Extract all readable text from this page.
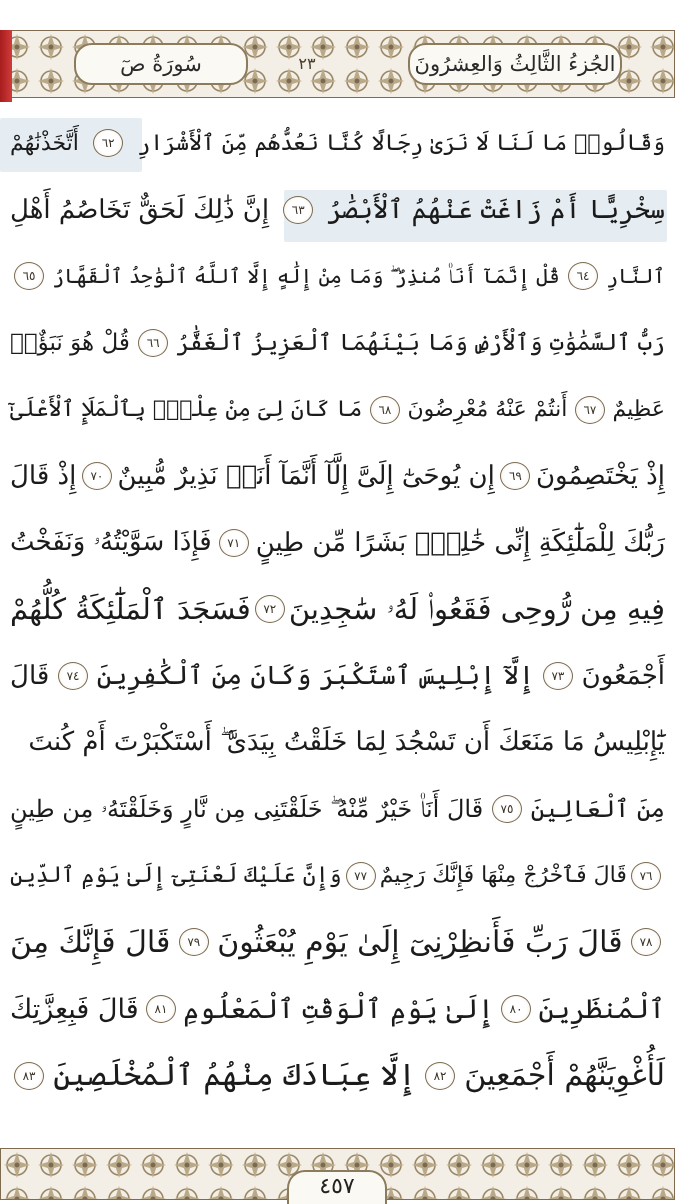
الجُزءُ الثَّالِثُ وَالعِشرُونَ
٢٣
سُورَةُ صٓ
وَقَالُوا۟ مَا لَنَا لَا نَرَىٰ رِجَالًا كُنَّا نَعُدُّهُم مِّنَ ٱلْأَشْرَارِ
٦٢
أَتَّخَذْنَٰهُمْ
سِخْرِيًّا أَمْ زَاغَتْ عَنْهُمُ ٱلْأَبْصَٰرُ
٦٣
إِنَّ ذَٰلِكَ لَحَقٌّ تَخَاصُمُ أَهْلِ
ٱلنَّارِ
٦٤
قُلْ إِنَّمَآ أَنَا۠ مُنذِرٌ ۖ وَمَا مِنْ إِلَٰهٍ إِلَّا ٱللَّهُ ٱلْوَٰحِدُ ٱلْقَهَّارُ
٦٥
رَبُّ ٱلسَّمَٰوَٰتِ وَٱلْأَرْضِ وَمَا بَيْنَهُمَا ٱلْعَزِيزُ ٱلْغَفَّٰرُ
٦٦
قُلْ هُوَ نَبَؤٌا۟
عَظِيمٌ
٦٧
أَنتُمْ عَنْهُ مُعْرِضُونَ
٦٨
مَا كَانَ لِىَ مِنْ عِلْمٍۭ بِٱلْمَلَإِ ٱلْأَعْلَىٰٓ
إِذْ يَخْتَصِمُونَ
٦٩
إِن يُوحَىٰٓ إِلَىَّ إِلَّآ أَنَّمَآ أَنَا۠ نَذِيرٌ مُّبِينٌ
٧٠
إِذْ قَالَ
رَبُّكَ لِلْمَلَٰٓئِكَةِ إِنِّى خَٰلِقٌۢ بَشَرًا مِّن طِينٍ
٧١
فَإِذَا سَوَّيْتُهُۥ وَنَفَخْتُ
فِيهِ مِن رُّوحِى فَقَعُوا۟ لَهُۥ سَٰجِدِينَ
٧٢
فَسَجَدَ ٱلْمَلَٰٓئِكَةُ كُلُّهُمْ
أَجْمَعُونَ
٧٣
إِلَّآ إِبْلِيسَ ٱسْتَكْبَرَ وَكَانَ مِنَ ٱلْكَٰفِرِينَ
٧٤
قَالَ
يَٰٓإِبْلِيسُ مَا مَنَعَكَ أَن تَسْجُدَ لِمَا خَلَقْتُ بِيَدَىَّ ۖ أَسْتَكْبَرْتَ أَمْ كُنتَ
مِنَ ٱلْعَالِينَ
٧٥
قَالَ أَنَا۠ خَيْرٌ مِّنْهُ ۖ خَلَقْتَنِى مِن نَّارٍ وَخَلَقْتَهُۥ مِن طِينٍ
٧٦
قَالَ فَٱخْرُجْ مِنْهَا فَإِنَّكَ رَجِيمٌ
٧٧
وَإِنَّ عَلَيْكَ لَعْنَتِىٓ إِلَىٰ يَوْمِ ٱلدِّينِ
٧٨
قَالَ رَبِّ فَأَنظِرْنِىٓ إِلَىٰ يَوْمِ يُبْعَثُونَ
٧٩
قَالَ فَإِنَّكَ مِنَ
ٱلْمُنظَرِينَ
٨٠
إِلَىٰ يَوْمِ ٱلْوَقْتِ ٱلْمَعْلُومِ
٨١
قَالَ فَبِعِزَّتِكَ
لَأُغْوِيَنَّهُمْ أَجْمَعِينَ
٨٢
إِلَّا عِبَادَكَ مِنْهُمُ ٱلْمُخْلَصِينَ
٨٣
٤٥٧
